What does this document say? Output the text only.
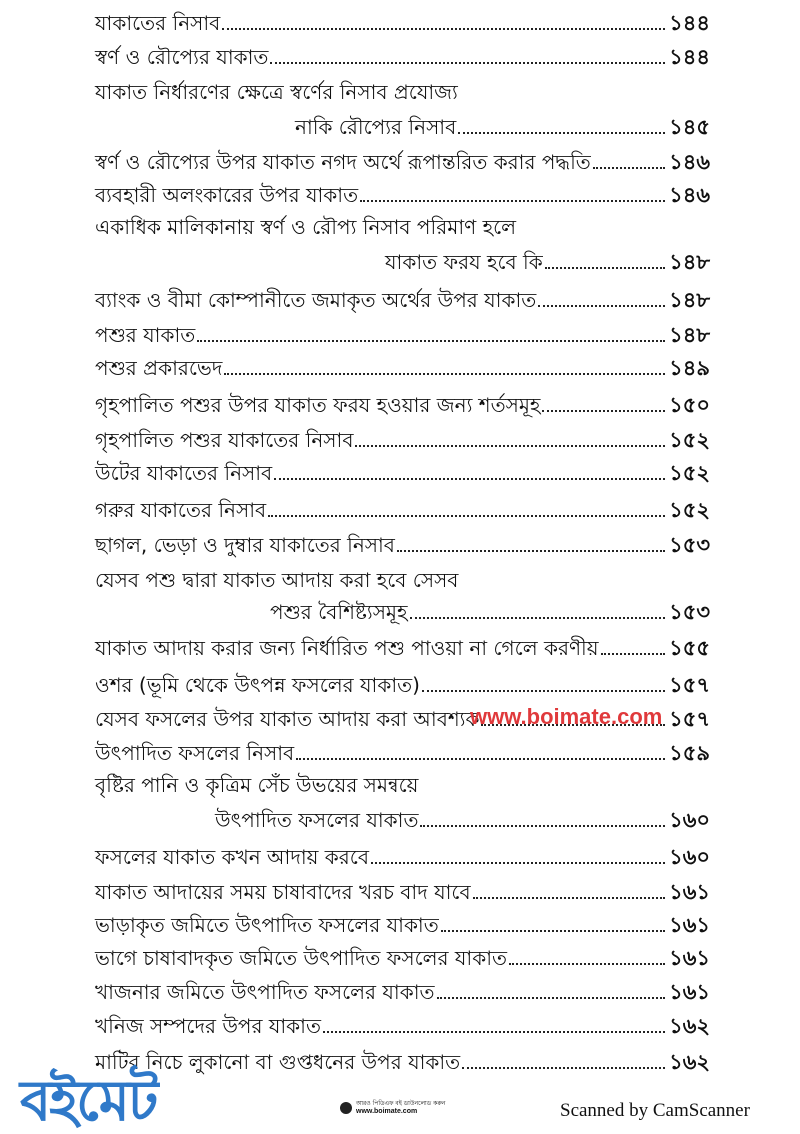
যাকাতের নিসাব	১৪৪
স্বর্ণ ও রৌপ্যের যাকাত	১৪৪
যাকাত নির্ধারণের ক্ষেত্রে স্বর্ণের নিসাব প্রযোজ্য
নাকি রৌপ্যের নিসাব	১৪৫
স্বর্ণ ও রৌপ্যের উপর যাকাত নগদ অর্থে রূপান্তরিত করার পদ্ধতি	১৪৬
ব্যবহারী অলংকারের উপর যাকাত	১৪৬
একাধিক মালিকানায় স্বর্ণ ও রৌপ্য নিসাব পরিমাণ হলে
যাকাত ফরয হবে কি	১৪৮
ব্যাংক ও বীমা কোম্পানীতে জমাকৃত অর্থের উপর যাকাত	১৪৮
পশুর যাকাত	১৪৮
পশুর প্রকারভেদ	১৪৯
গৃহপালিত পশুর উপর যাকাত ফরয হওয়ার জন্য শর্তসমূহ	১৫০
গৃহপালিত পশুর যাকাতের নিসাব	১৫২
উটের যাকাতের নিসাব	১৫২
গরুর যাকাতের নিসাব	১৫২
ছাগল, ভেড়া ও দুম্বার যাকাতের নিসাব	১৫৩
যেসব পশু দ্বারা যাকাত আদায় করা হবে সেসব
পশুর বৈশিষ্ট্যসমূহ	১৫৩
যাকাত আদায় করার জন্য নির্ধারিত পশু পাওয়া না গেলে করণীয়	১৫৫
ওশর (ভূমি থেকে উৎপন্ন ফসলের যাকাত)	১৫৭
যেসব ফসলের উপর যাকাত আদায় করা আবশ্যক	১৫৭
উৎপাদিত ফসলের নিসাব	১৫৯
বৃষ্টির পানি ও কৃত্রিম সেঁচ উভয়ের সমন্বয়ে
উৎপাদিত ফসলের যাকাত	১৬০
ফসলের যাকাত কখন আদায় করবে	১৬০
যাকাত আদায়ের সময় চাষাবাদের খরচ বাদ যাবে	১৬১
ভাড়াকৃত জমিতে উৎপাদিত ফসলের যাকাত	১৬১
ভাগে চাষাবাদকৃত জমিতে উৎপাদিত ফসলের যাকাত	১৬১
খাজনার জমিতে উৎপাদিত ফসলের যাকাত	১৬১
খনিজ সম্পদের উপর যাকাত	১৬২
মাটির নিচে লুকানো বা গুপ্তধনের উপর যাকাত	১৬২
বইমেট
www.boimate.com
আরও পিডিএফ বই ডাউনলোড করুন
www.boimate.com	Scanned by CamScanner
